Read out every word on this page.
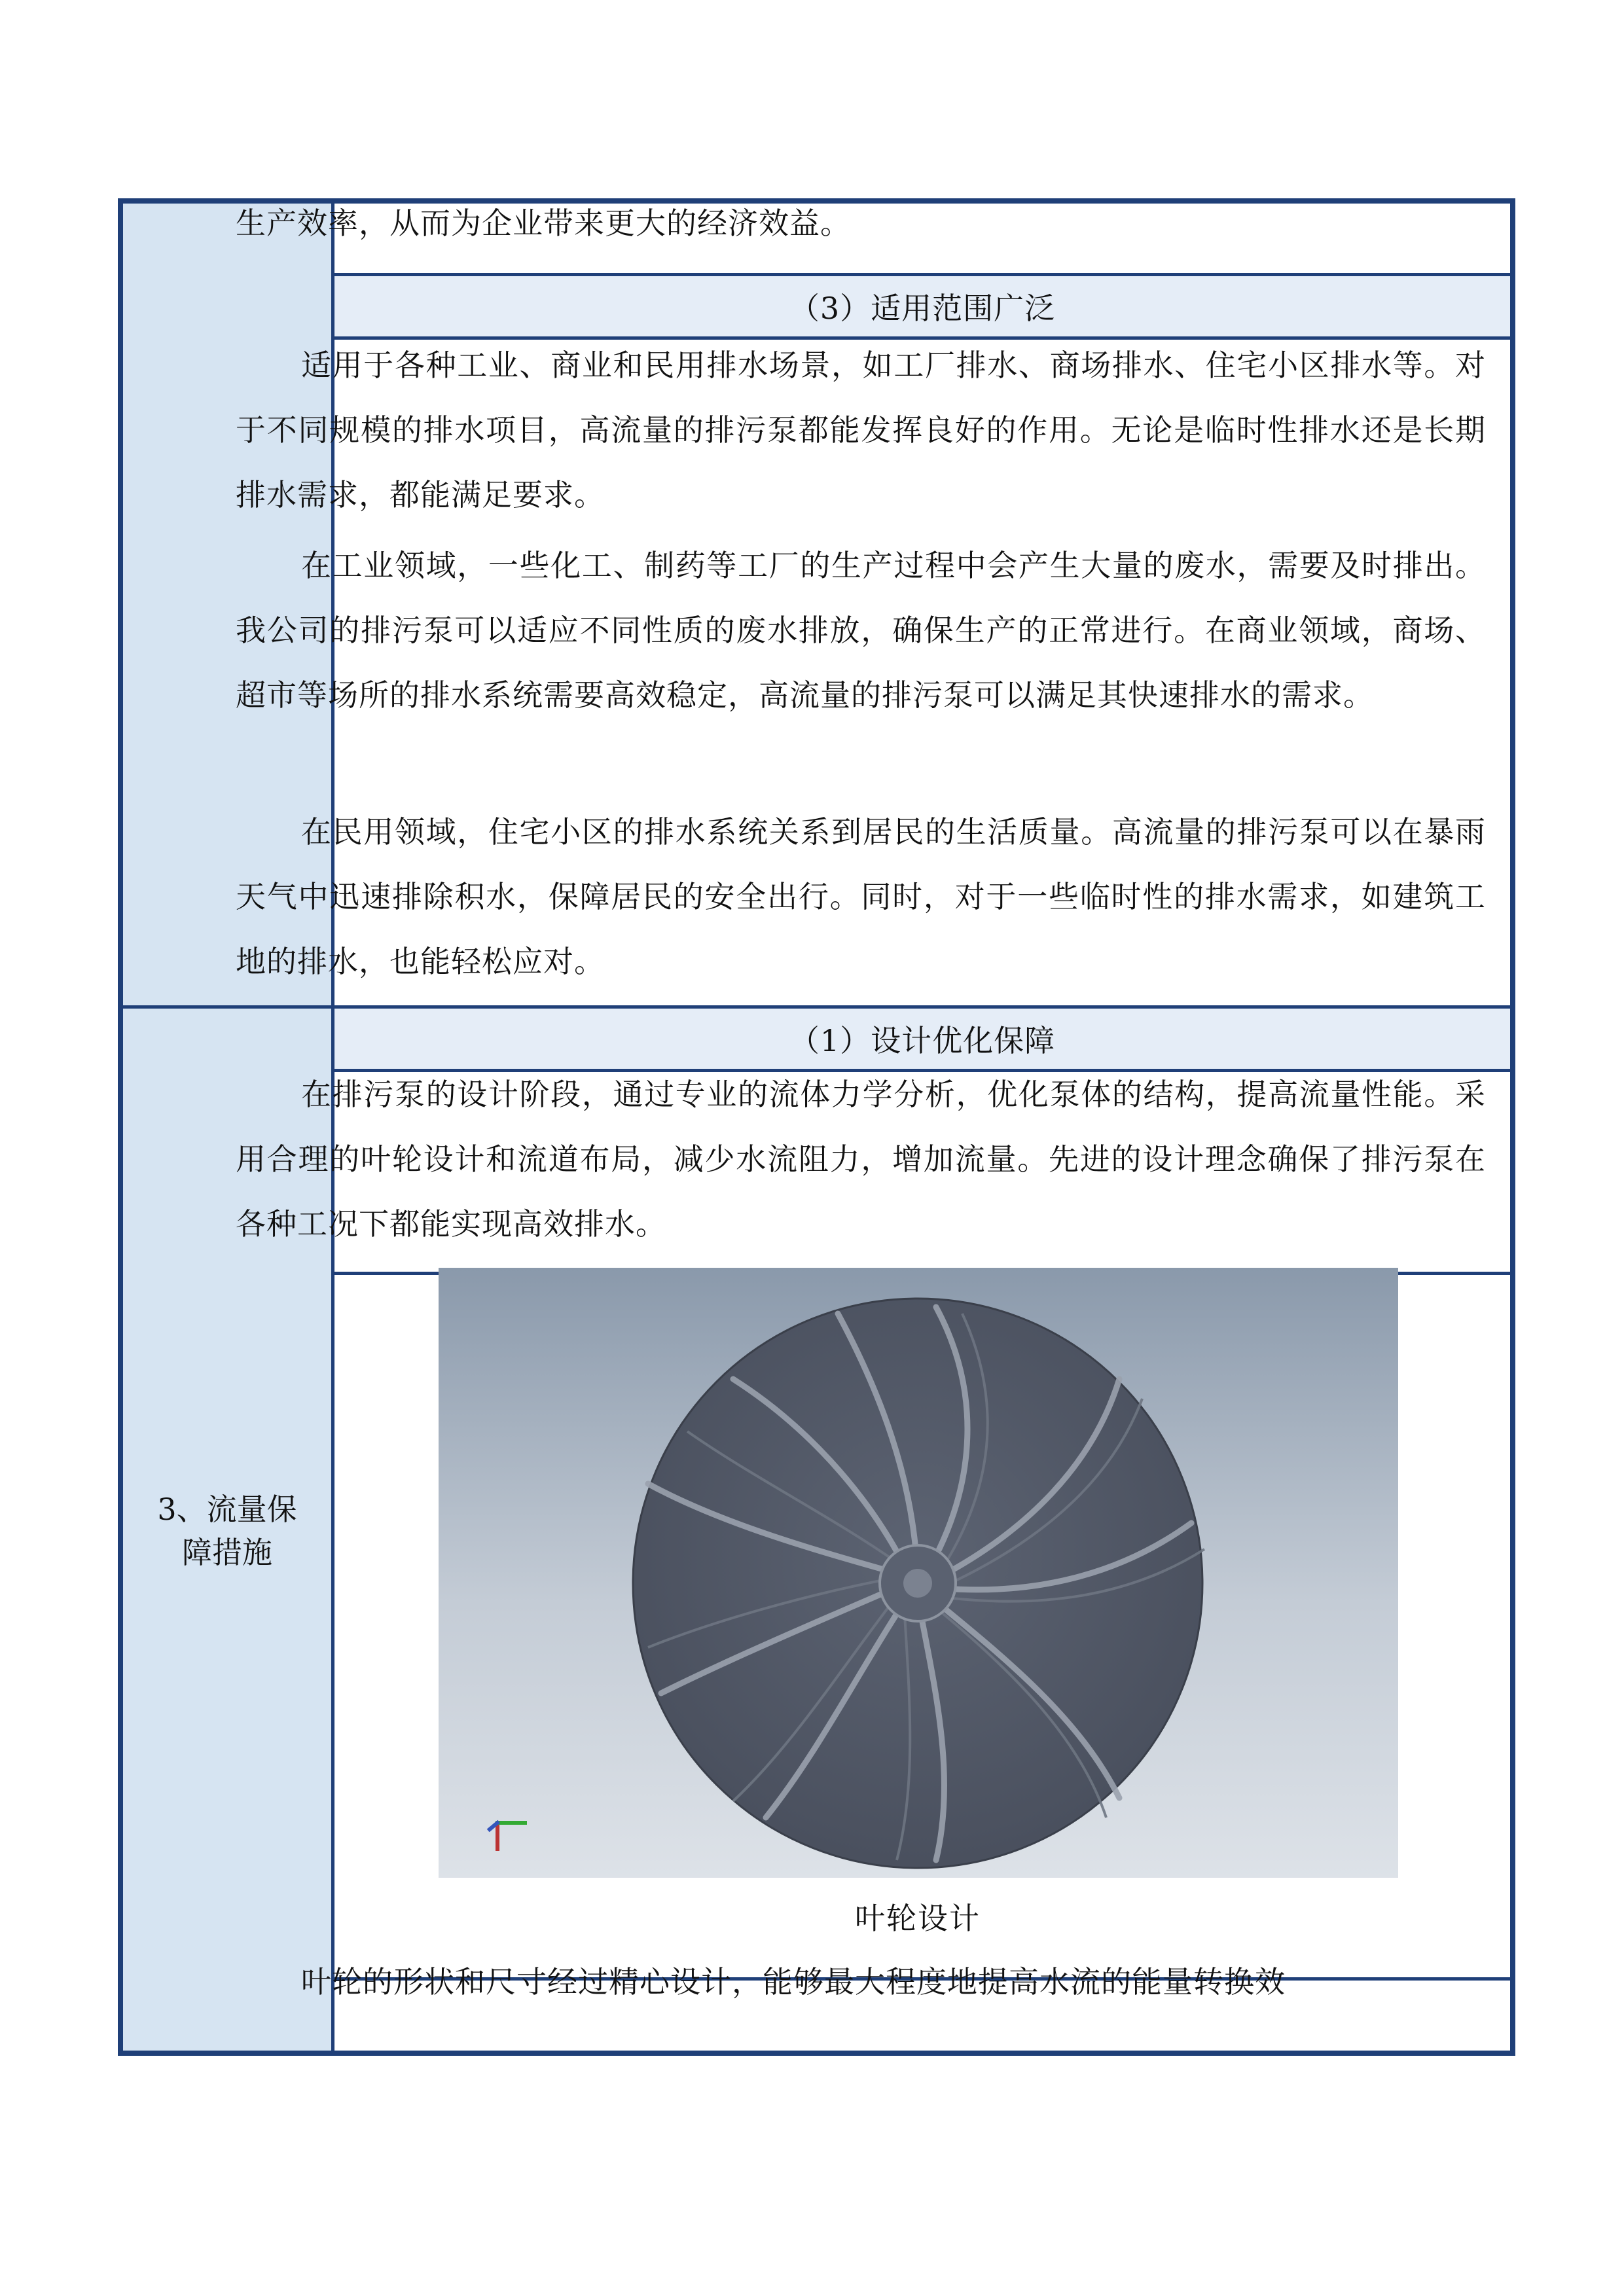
（3）适用范围广泛
（1）设计优化保障
3、流量保
障措施
生产效率，从而为企业带来更大的经济效益。
适用于各种工业、商业和民用排水场景，如工厂排水、商场排水、住宅小区排水等。对于不同规模的排水项目，高流量的排污泵都能发挥良好的作用。无论是临时性排水还是长期排水需求，都能满足要求。
在工业领域，一些化工、制药等工厂的生产过程中会产生大量的废水，需要及时排出。我公司的排污泵可以适应不同性质的废水排放，确保生产的正常进行。在商业领域，商场、超市等场所的排水系统需要高效稳定，高流量的排污泵可以满足其快速排水的需求。
在民用领域，住宅小区的排水系统关系到居民的生活质量。高流量的排污泵可以在暴雨天气中迅速排除积水，保障居民的安全出行。同时，对于一些临时性的排水需求，如建筑工地的排水，也能轻松应对。
在排污泵的设计阶段，通过专业的流体力学分析，优化泵体的结构，提高流量性能。采用合理的叶轮设计和流道布局，减少水流阻力，增加流量。先进的设计理念确保了排污泵在各种工况下都能实现高效排水。
叶轮设计
叶轮的形状和尺寸经过精心设计，能够最大程度地提高水流的能量转换效
